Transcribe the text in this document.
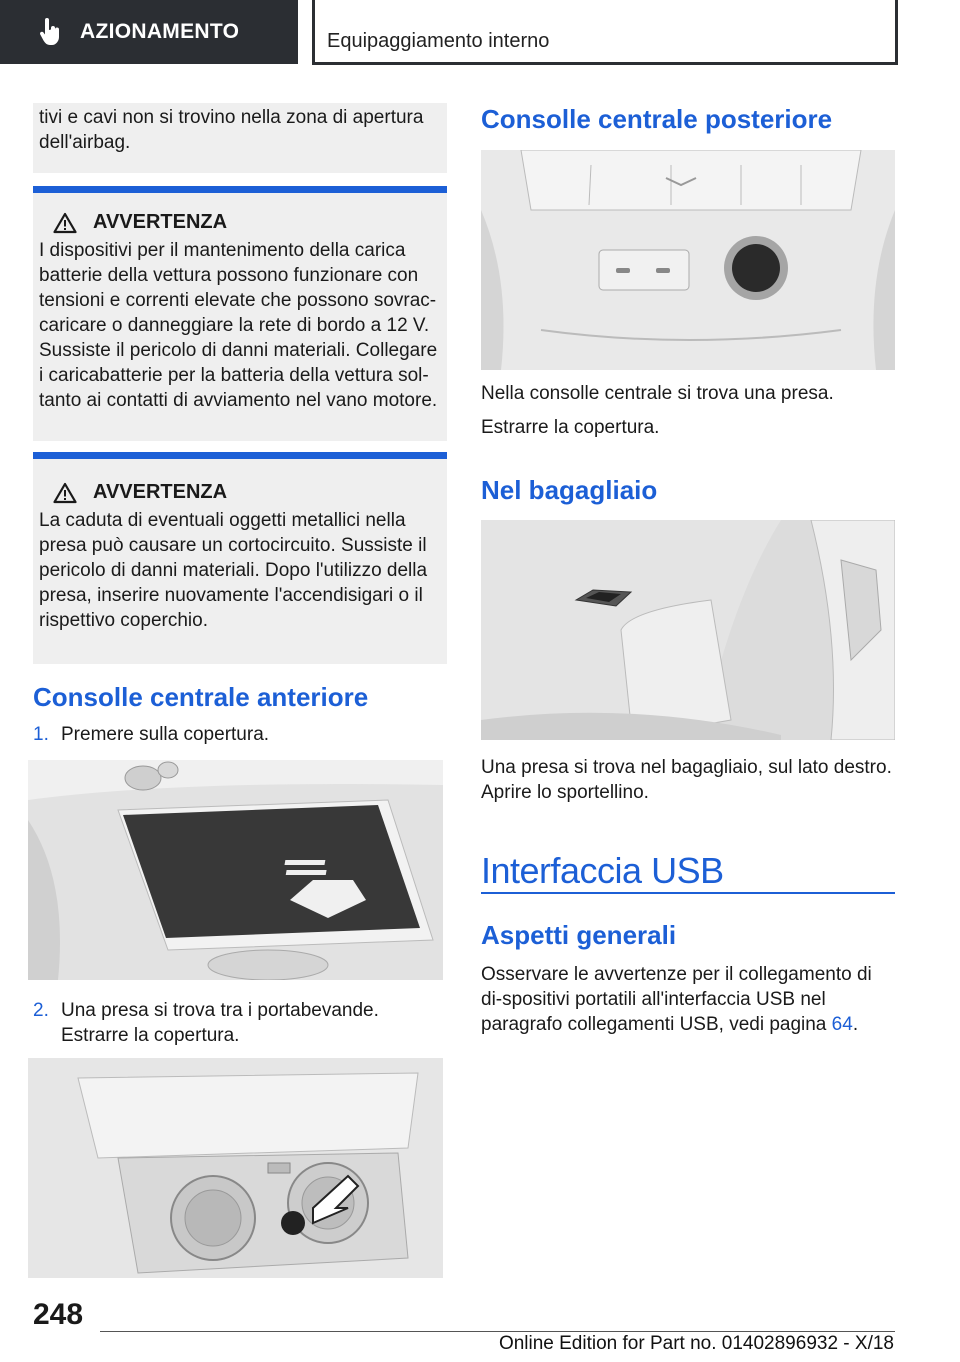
AZIONAMENTO	Equipaggiamento interno
tivi e cavi non si trovino nella zona di apertura dell'airbag.
AVVERTENZA
I dispositivi per il mantenimento della carica batterie della vettura possono funzionare con tensioni e correnti elevate che possono sovrac-caricare o danneggiare la rete di bordo a 12 V. Sussiste il pericolo di danni materiali. Collegare i caricabatterie per la batteria della vettura sol-tanto ai contatti di avviamento nel vano motore.
AVVERTENZA
La caduta di eventuali oggetti metallici nella presa può causare un cortocircuito. Sussiste il pericolo di danni materiali. Dopo l'utilizzo della presa, inserire nuovamente l'accendisigari o il rispettivo coperchio.
Consolle centrale anteriore
1. Premere sulla copertura.
2. Una presa si trova tra i portabevande. Estrarre la copertura.
Consolle centrale posteriore
Nella consolle centrale si trova una presa.
Estrarre la copertura.
Nel bagagliaio
Una presa si trova nel bagagliaio, sul lato destro.
Aprire lo sportellino.
Interfaccia USB
Aspetti generali
Osservare le avvertenze per il collegamento di di-spositivi portatili all'interfaccia USB nel paragrafo collegamenti USB, vedi pagina 64.
248
Online Edition for Part no. 01402896932 - X/18
